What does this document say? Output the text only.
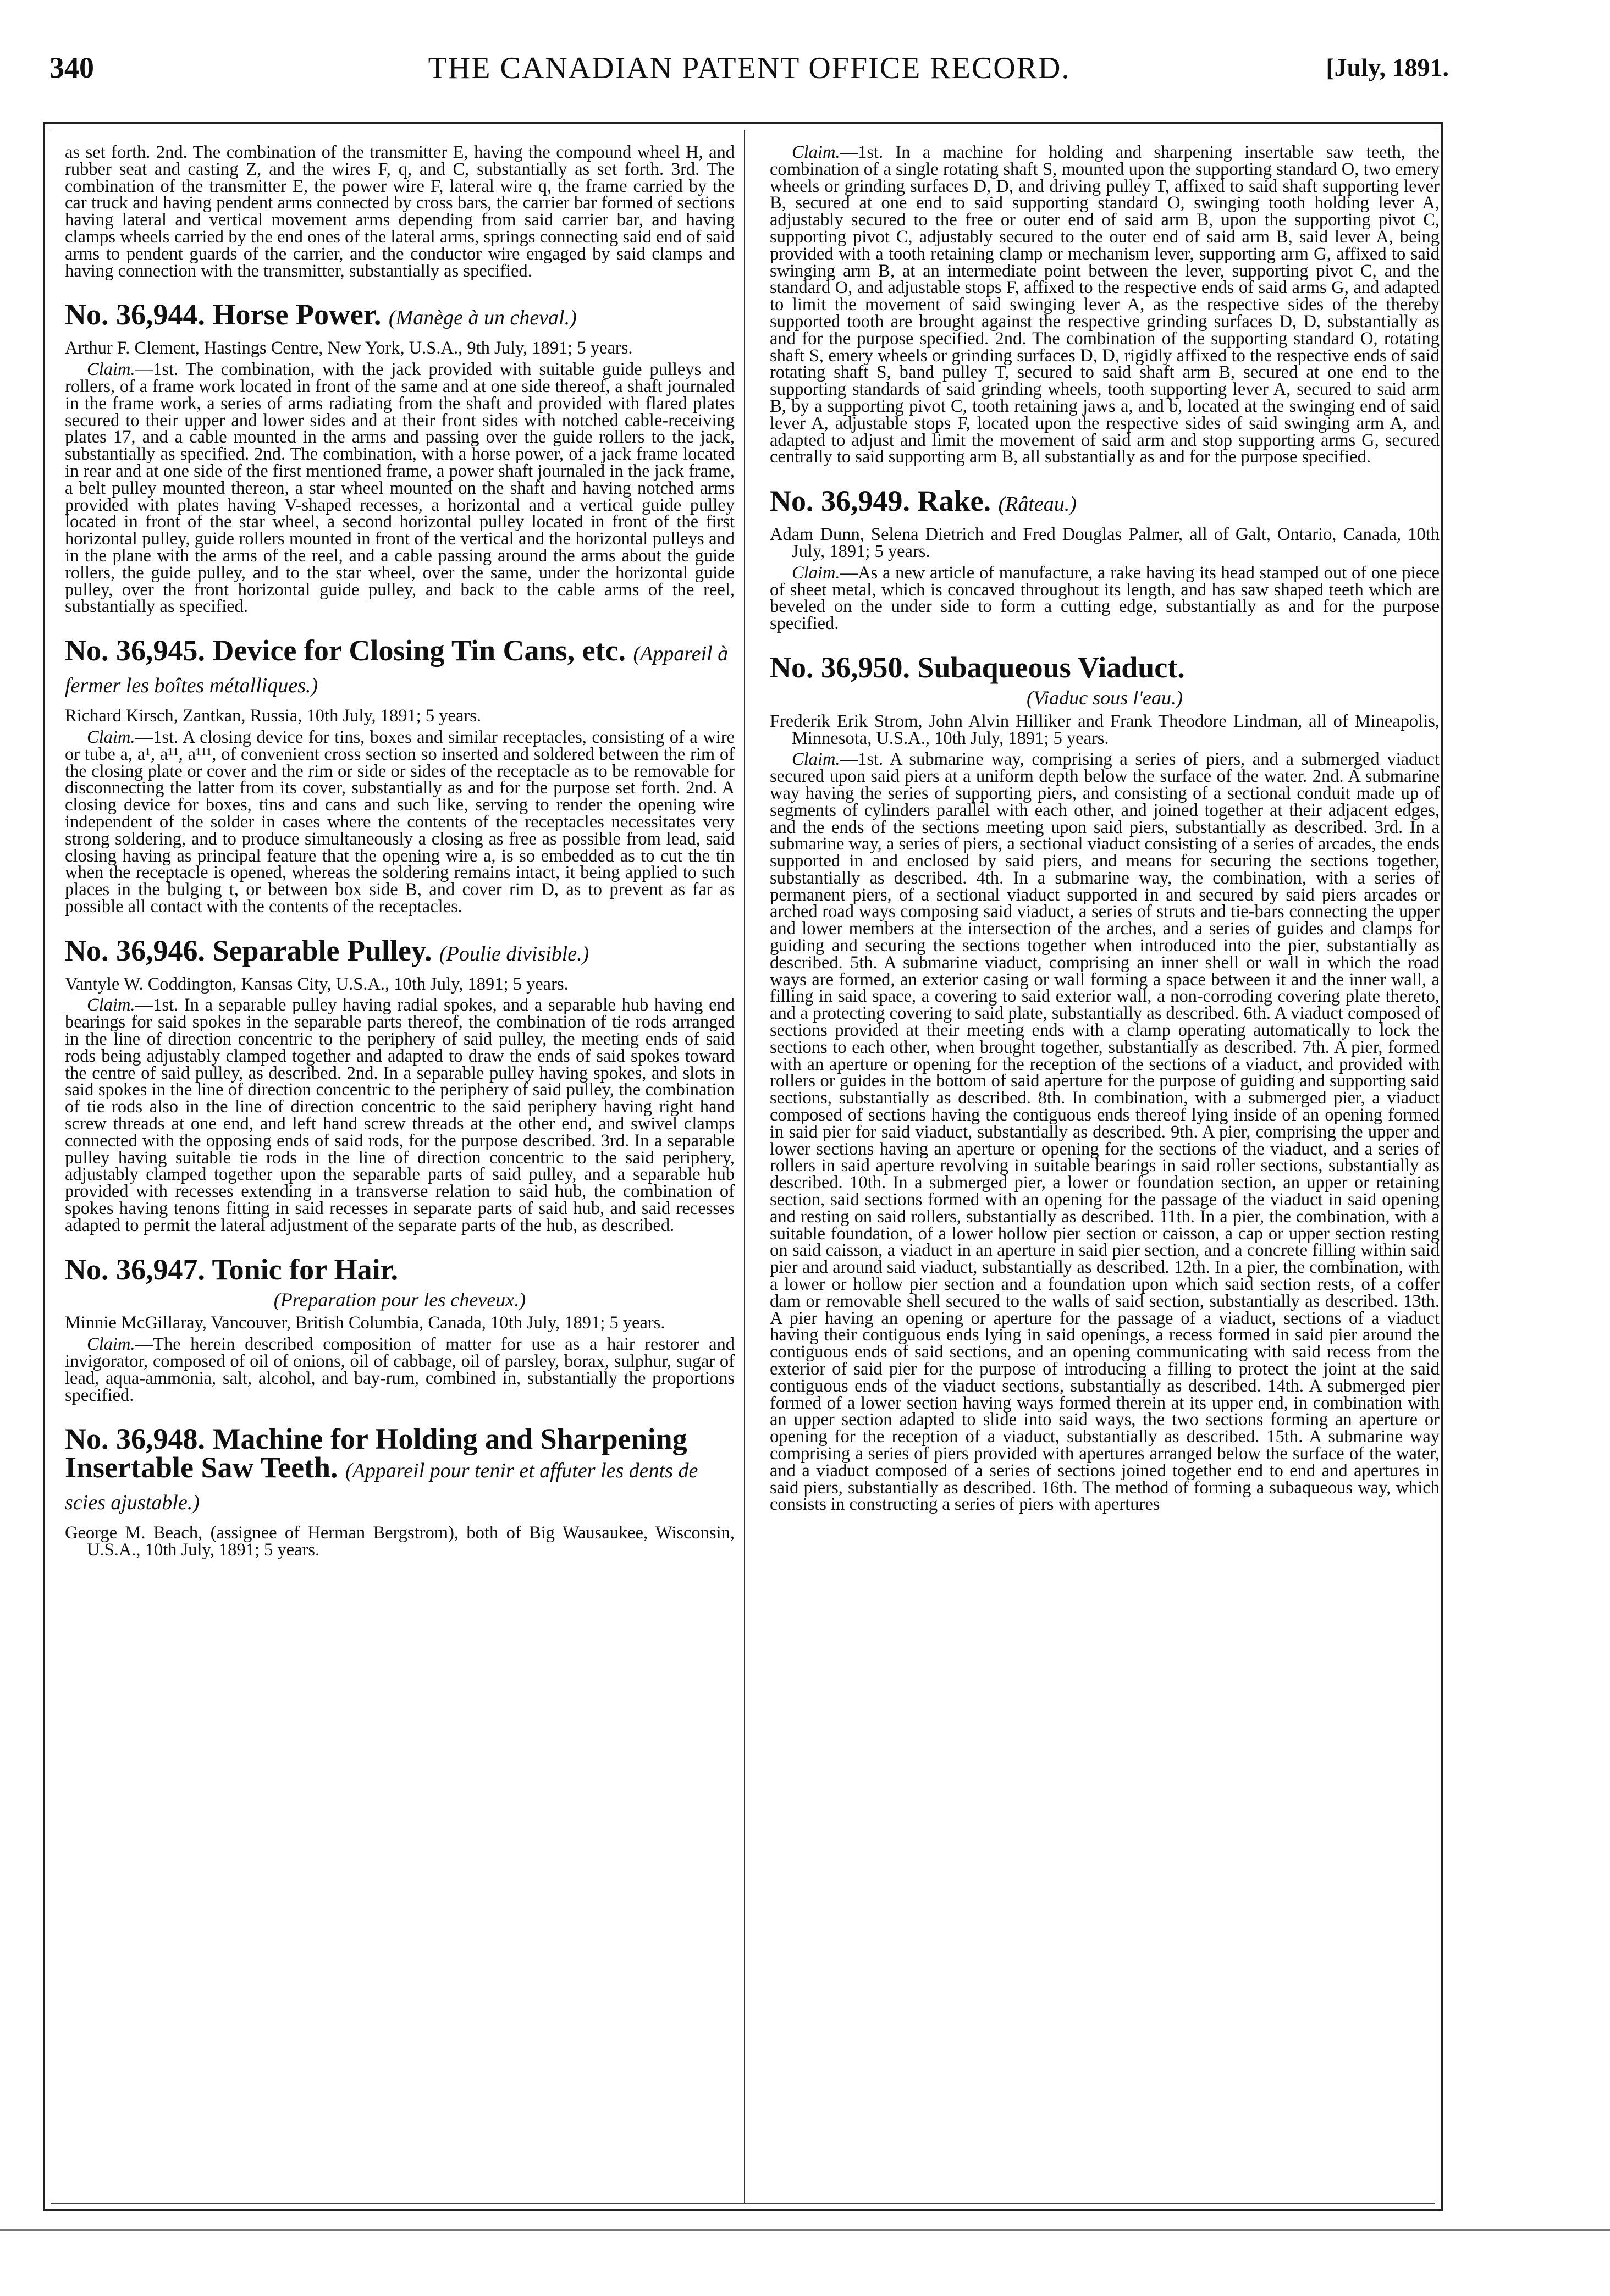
340	THE CANADIAN PATENT OFFICE RECORD.	[July, 1891.

as set forth. 2nd. The combination of the transmitter E, having the compound wheel H, and rubber seat and casting Z, and the wires F, q, and C, substantially as set forth. 3rd. The combination of the transmitter E, the power wire F, lateral wire q, the frame carried by the car truck and having pendent arms connected by cross bars, the carrier bar formed of sections having lateral and vertical movement arms depending from said carrier bar, and having clamps wheels carried by the end ones of the lateral arms, springs connecting said end of said arms to pendent guards of the carrier, and the conductor wire engaged by said clamps and having connection with the transmitter, substantially as specified.

No. 36,944. Horse Power. (Manège à un cheval.)

Arthur F. Clement, Hastings Centre, New York, U.S.A., 9th July, 1891; 5 years.

Claim.—1st. The combination, with the jack provided with suitable guide pulleys and rollers, of a frame work located in front of the same and at one side thereof, a shaft journaled in the frame work, a series of arms radiating from the shaft and provided with flared plates secured to their upper and lower sides and at their front sides with notched cable-receiving plates 17, and a cable mounted in the arms and passing over the guide rollers to the jack, substantially as specified. 2nd. The combination, with a horse power, of a jack frame located in rear and at one side of the first mentioned frame, a power shaft journaled in the jack frame, a belt pulley mounted thereon, a star wheel mounted on the shaft and having notched arms provided with plates having V-shaped recesses, a horizontal and a vertical guide pulley located in front of the star wheel, a second horizontal pulley located in front of the first horizontal pulley, guide rollers mounted in front of the vertical and the horizontal pulleys and in the plane with the arms of the reel, and a cable passing around the arms about the guide rollers, the guide pulley, and to the star wheel, over the same, under the horizontal guide pulley, over the front horizontal guide pulley, and back to the cable arms of the reel, substantially as specified.

No. 36,945. Device for Closing Tin Cans, etc. (Appareil à fermer les boîtes métalliques.)

Richard Kirsch, Zantkan, Russia, 10th July, 1891; 5 years.

Claim.—1st. A closing device for tins, boxes and similar receptacles, consisting of a wire or tube a, a¹, a¹¹, a¹¹¹, of convenient cross section so inserted and soldered between the rim of the closing plate or cover and the rim or side or sides of the receptacle as to be removable for disconnecting the latter from its cover, substantially as and for the purpose set forth. 2nd. A closing device for boxes, tins and cans and such like, serving to render the opening wire independent of the solder in cases where the contents of the receptacles necessitates very strong soldering, and to produce simultaneously a closing as free as possible from lead, said closing having as principal feature that the opening wire a, is so embedded as to cut the tin when the receptacle is opened, whereas the soldering remains intact, it being applied to such places in the bulging t, or between box side B, and cover rim D, as to prevent as far as possible all contact with the contents of the receptacles.

No. 36,946. Separable Pulley. (Poulie divisible.)

Vantyle W. Coddington, Kansas City, U.S.A., 10th July, 1891; 5 years.

Claim.—1st. In a separable pulley having radial spokes, and a separable hub having end bearings for said spokes in the separable parts thereof, the combination of tie rods arranged in the line of direction concentric to the periphery of said pulley, the meeting ends of said rods being adjustably clamped together and adapted to draw the ends of said spokes toward the centre of said pulley, as described. 2nd. In a separable pulley having spokes, and slots in said spokes in the line of direction concentric to the periphery of said pulley, the combination of tie rods also in the line of direction concentric to the said periphery having right hand screw threads at one end, and left hand screw threads at the other end, and swivel clamps connected with the opposing ends of said rods, for the purpose described. 3rd. In a separable pulley having suitable tie rods in the line of direction concentric to the said periphery, adjustably clamped together upon the separable parts of said pulley, and a separable hub provided with recesses extending in a transverse relation to said hub, the combination of spokes having tenons fitting in said recesses in separate parts of said hub, and said recesses adapted to permit the lateral adjustment of the separate parts of the hub, as described.

No. 36,947. Tonic for Hair.
(Preparation pour les cheveux.)

Minnie McGillaray, Vancouver, British Columbia, Canada, 10th July, 1891; 5 years.

Claim.—The herein described composition of matter for use as a hair restorer and invigorator, composed of oil of onions, oil of cabbage, oil of parsley, borax, sulphur, sugar of lead, aqua-ammonia, salt, alcohol, and bay-rum, combined in, substantially the proportions specified.

No. 36,948. Machine for Holding and Sharpening Insertable Saw Teeth. (Appareil pour tenir et affuter les dents de scies ajustable.)

George M. Beach, (assignee of Herman Bergstrom), both of Big Wausaukee, Wisconsin, U.S.A., 10th July, 1891; 5 years.

Claim.—1st. In a machine for holding and sharpening insertable saw teeth, the combination of a single rotating shaft S, mounted upon the supporting standard O, two emery wheels or grinding surfaces D, D, and driving pulley T, affixed to said shaft supporting lever B, secured at one end to said supporting standard O, swinging tooth holding lever A, adjustably secured to the free or outer end of said arm B, upon the supporting pivot C, supporting pivot C, adjustably secured to the outer end of said arm B, said lever A, being provided with a tooth retaining clamp or mechanism lever, supporting arm G, affixed to said swinging arm B, at an intermediate point between the lever, supporting pivot C, and the standard O, and adjustable stops F, affixed to the respective ends of said arms G, and adapted to limit the movement of said swinging lever A, as the respective sides of the thereby supported tooth are brought against the respective grinding surfaces D, D, substantially as and for the purpose specified. 2nd. The combination of the supporting standard O, rotating shaft S, emery wheels or grinding surfaces D, D, rigidly affixed to the respective ends of said rotating shaft S, band pulley T, secured to said shaft arm B, secured at one end to the supporting standards of said grinding wheels, tooth supporting lever A, secured to said arm B, by a supporting pivot C, tooth retaining jaws a, and b, located at the swinging end of said lever A, adjustable stops F, located upon the respective sides of said swinging arm A, and adapted to adjust and limit the movement of said arm and stop supporting arms G, secured centrally to said supporting arm B, all substantially as and for the purpose specified.

No. 36,949. Rake. (Râteau.)

Adam Dunn, Selena Dietrich and Fred Douglas Palmer, all of Galt, Ontario, Canada, 10th July, 1891; 5 years.

Claim.—As a new article of manufacture, a rake having its head stamped out of one piece of sheet metal, which is concaved throughout its length, and has saw shaped teeth which are beveled on the under side to form a cutting edge, substantially as and for the purpose specified.

No. 36,950. Subaqueous Viaduct.
(Viaduc sous l'eau.)

Frederik Erik Strom, John Alvin Hilliker and Frank Theodore Lindman, all of Mineapolis, Minnesota, U.S.A., 10th July, 1891; 5 years.

Claim.—1st. A submarine way, comprising a series of piers, and a submerged viaduct secured upon said piers at a uniform depth below the surface of the water. 2nd. A submarine way having the series of supporting piers, and consisting of a sectional conduit made up of segments of cylinders parallel with each other, and joined together at their adjacent edges, and the ends of the sections meeting upon said piers, substantially as described. 3rd. In a submarine way, a series of piers, a sectional viaduct consisting of a series of arcades, the ends supported in and enclosed by said piers, and means for securing the sections together, substantially as described. 4th. In a submarine way, the combination, with a series of permanent piers, of a sectional viaduct supported in and secured by said piers arcades or arched road ways composing said viaduct, a series of struts and tie-bars connecting the upper and lower members at the intersection of the arches, and a series of guides and clamps for guiding and securing the sections together when introduced into the pier, substantially as described. 5th. A submarine viaduct, comprising an inner shell or wall in which the road ways are formed, an exterior casing or wall forming a space between it and the inner wall, a filling in said space, a covering to said exterior wall, a non-corroding covering plate thereto, and a protecting covering to said plate, substantially as described. 6th. A viaduct composed of sections provided at their meeting ends with a clamp operating automatically to lock the sections to each other, when brought together, substantially as described. 7th. A pier, formed with an aperture or opening for the reception of the sections of a viaduct, and provided with rollers or guides in the bottom of said aperture for the purpose of guiding and supporting said sections, substantially as described. 8th. In combination, with a submerged pier, a viaduct composed of sections having the contiguous ends thereof lying inside of an opening formed in said pier for said viaduct, substantially as described. 9th. A pier, comprising the upper and lower sections having an aperture or opening for the sections of the viaduct, and a series of rollers in said aperture revolving in suitable bearings in said roller sections, substantially as described. 10th. In a submerged pier, a lower or foundation section, an upper or retaining section, said sections formed with an opening for the passage of the viaduct in said opening and resting on said rollers, substantially as described. 11th. In a pier, the combination, with a suitable foundation, of a lower hollow pier section or caisson, a cap or upper section resting on said caisson, a viaduct in an aperture in said pier section, and a concrete filling within said pier and around said viaduct, substantially as described. 12th. In a pier, the combination, with a lower or hollow pier section and a foundation upon which said section rests, of a coffer dam or removable shell secured to the walls of said section, substantially as described. 13th. A pier having an opening or aperture for the passage of a viaduct, sections of a viaduct having their contiguous ends lying in said openings, a recess formed in said pier around the contiguous ends of said sections, and an opening communicating with said recess from the exterior of said pier for the purpose of introducing a filling to protect the joint at the said contiguous ends of the viaduct sections, substantially as described. 14th. A submerged pier formed of a lower section having ways formed therein at its upper end, in combination with an upper section adapted to slide into said ways, the two sections forming an aperture or opening for the reception of a viaduct, substantially as described. 15th. A submarine way comprising a series of piers provided with apertures arranged below the surface of the water, and a viaduct composed of a series of sections joined together end to end and apertures in said piers, substantially as described. 16th. The method of forming a subaqueous way, which consists in constructing a series of piers with apertures
